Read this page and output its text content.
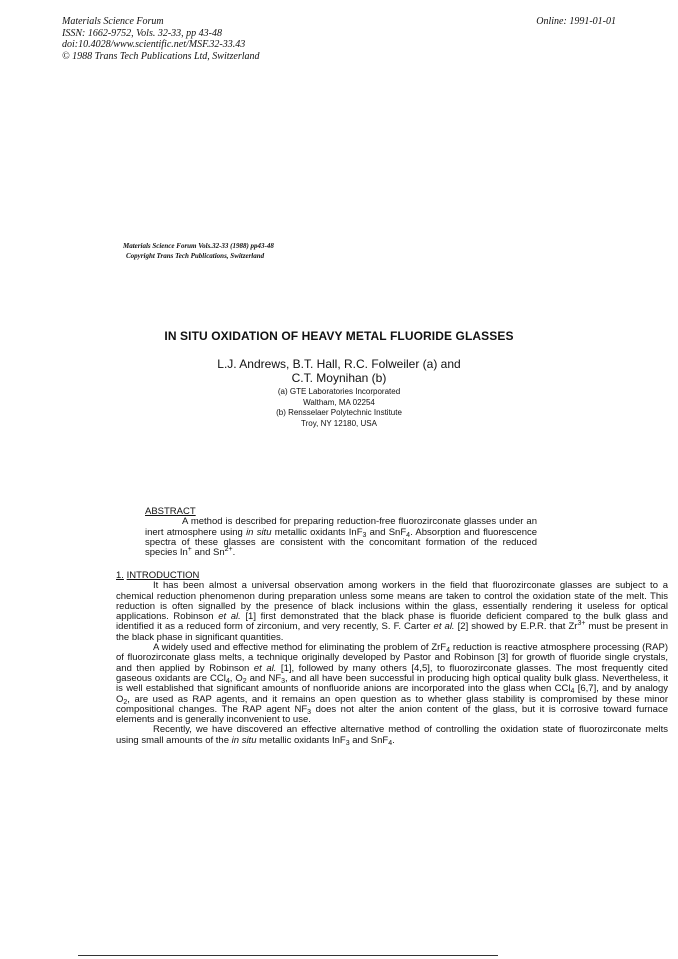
Materials Science Forum
ISSN: 1662-9752, Vols. 32-33, pp 43-48
doi:10.4028/www.scientific.net/MSF.32-33.43
© 1988 Trans Tech Publications Ltd, Switzerland
Online: 1991-01-01
Materials Science Forum Vols.32-33 (1988) pp43-48
Copyright Trans Tech Publications, Switzerland
IN SITU OXIDATION OF HEAVY METAL FLUORIDE GLASSES
L.J. Andrews, B.T. Hall, R.C. Folweiler (a) and
C.T. Moynihan (b)
(a) GTE Laboratories Incorporated
Waltham, MA 02254
(b) Rensselaer Polytechnic Institute
Troy, NY 12180, USA
ABSTRACT

A method is described for preparing reduction-free fluorozirconate glasses under an inert atmosphere using in situ metallic oxidants InF$_3$ and SnF$_4$. Absorption and fluorescence spectra of these glasses are consistent with the concomitant formation of the reduced species In+ and $Sn^{2+}$.

1. INTRODUCTION

It has been almost a universal observation among workers in the field that fluorozirconate glasses are subject to a chemical reduction phenomenon during preparation unless some means are taken to control the oxidation state of the melt. This reduction is often signalled by the presence of black inclusions within the glass, essentially rendering it useless for optical applications. Robinson et al. [1] first demonstrated that the black phase is fluoride deficient compared to the bulk glass and identified it as a reduced form of zirconium, and very recently, S. F. Carter et al. [2] showed by E.P.R. that $Zr^{3+}$ must be present in the black phase in significant quantities.

A widely used and effective method for eliminating the problem of ZrF$_4$ reduction is reactive atmosphere processing (RAP) of fluorozirconate glass melts, a technique originally developed by Pastor and Robinson [3] for growth of fluoride single crystals, and then applied by Robinson et al. [1], followed by many others [4,5], to fluorozirconate glasses. The most frequently cited gaseous oxidants are CCl$_4$, $O_2$ and $NF_3$, and all have been successful in producing high optical quality bulk glass. Nevertheless, it is well established that significant amounts of nonfluoride anions are incorporated into the glass when CCl$_4$ [6,7], and by analogy $O_2$, are used as RAP agents, and it remains an open question as to whether glass stability is compromised by these minor compositional changes. The RAP agent $NF_3$ does not alter the anion content of the glass, but it is corrosive toward furnace elements and is generally inconvenient to use.

Recently, we have discovered an effective alternative method of controlling the oxidation state of fluorozirconate melts using small amounts of the in situ metallic oxidants InF$_3$ and SnF$_4$.
